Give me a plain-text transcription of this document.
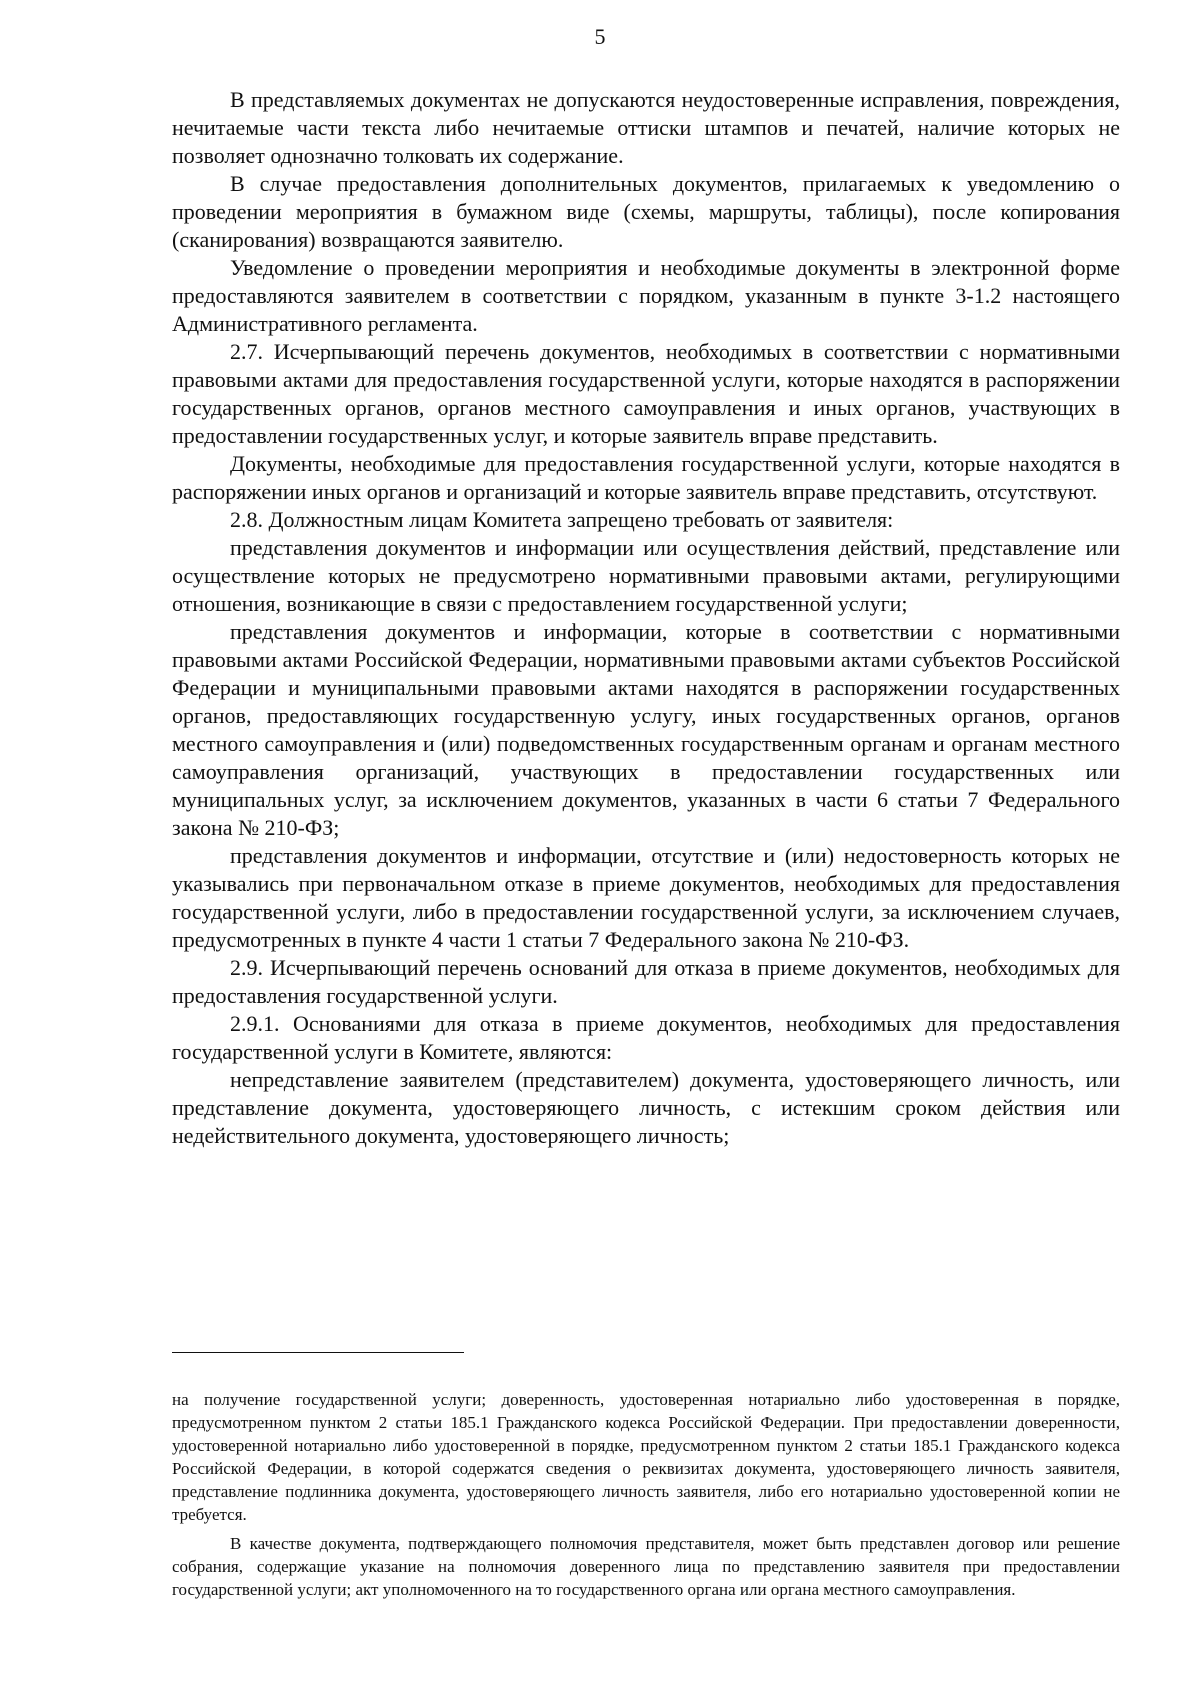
5

В представляемых документах не допускаются неудостоверенные исправления, повреждения, нечитаемые части текста либо нечитаемые оттиски штампов и печатей, наличие которых не позволяет однозначно толковать их содержание.

В случае предоставления дополнительных документов, прилагаемых к уведомлению о проведении мероприятия в бумажном виде (схемы, маршруты, таблицы), после копирования (сканирования) возвращаются заявителю.

Уведомление о проведении мероприятия и необходимые документы в электронной форме предоставляются заявителем в соответствии с порядком, указанным в пункте 3-1.2 настоящего Административного регламента.

2.7. Исчерпывающий перечень документов, необходимых в соответствии с нормативными правовыми актами для предоставления государственной услуги, которые находятся в распоряжении государственных органов, органов местного самоуправления и иных органов, участвующих в предоставлении государственных услуг, и которые заявитель вправе представить.

Документы, необходимые для предоставления государственной услуги, которые находятся в распоряжении иных органов и организаций и которые заявитель вправе представить, отсутствуют.

2.8. Должностным лицам Комитета запрещено требовать от заявителя:

представления документов и информации или осуществления действий, представление или осуществление которых не предусмотрено нормативными правовыми актами, регулирующими отношения, возникающие в связи с предоставлением государственной услуги;

представления документов и информации, которые в соответствии с нормативными правовыми актами Российской Федерации, нормативными правовыми актами субъектов Российской Федерации и муниципальными правовыми актами находятся в распоряжении государственных органов, предоставляющих государственную услугу, иных государственных органов, органов местного самоуправления и (или) подведомственных государственным органам и органам местного самоуправления организаций, участвующих в предоставлении государственных или муниципальных услуг, за исключением документов, указанных в части 6 статьи 7 Федерального закона № 210-ФЗ;

представления документов и информации, отсутствие и (или) недостоверность которых не указывались при первоначальном отказе в приеме документов, необходимых для предоставления государственной услуги, либо в предоставлении государственной услуги, за исключением случаев, предусмотренных в пункте 4 части 1 статьи 7 Федерального закона № 210-ФЗ.

2.9. Исчерпывающий перечень оснований для отказа в приеме документов, необходимых для предоставления государственной услуги.

2.9.1. Основаниями для отказа в приеме документов, необходимых для предоставления государственной услуги в Комитете, являются:

непредставление заявителем (представителем) документа, удостоверяющего личность, или представление документа, удостоверяющего личность, с истекшим сроком действия или недействительного документа, удостоверяющего личность;

на получение государственной услуги; доверенность, удостоверенная нотариально либо удостоверенная в порядке, предусмотренном пунктом 2 статьи 185.1 Гражданского кодекса Российской Федерации. При предоставлении доверенности, удостоверенной нотариально либо удостоверенной в порядке, предусмотренном пунктом 2 статьи 185.1 Гражданского кодекса Российской Федерации, в которой содержатся сведения о реквизитах документа, удостоверяющего личность заявителя, представление подлинника документа, удостоверяющего личность заявителя, либо его нотариально удостоверенной копии не требуется.

В качестве документа, подтверждающего полномочия представителя, может быть представлен договор или решение собрания, содержащие указание на полномочия доверенного лица по представлению заявителя при предоставлении государственной услуги; акт уполномоченного на то государственного органа или органа местного самоуправления.
